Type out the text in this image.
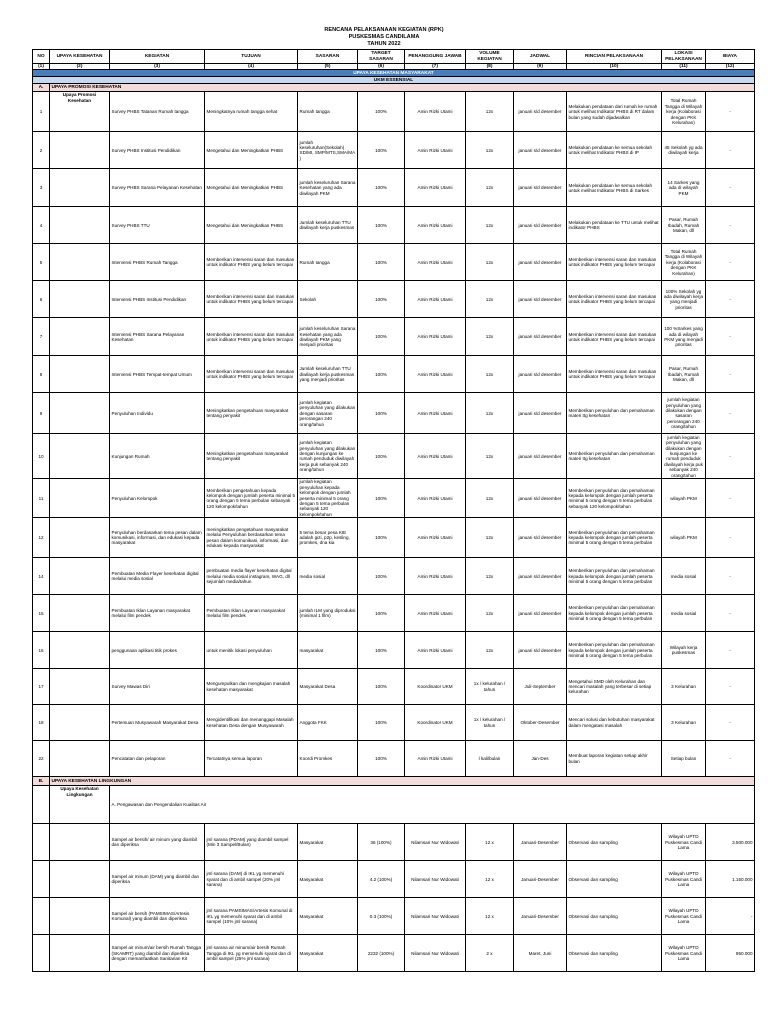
RENCANA PELAKSANAAN KEGIATAN (RPK)
PUSKESMAS CANDILAMA
TAHUN 2022
NO	UPAYA KESEHATAN	KEGIATAN	TUJUAN	SASARAN	TARGET SASARAN	PENANGGUNG JAWAB	VOLUME KEGIATAN	JADWAL	RINCIAN PELAKSANAAN	LOKASI PELAKSANAAN	BIAYA
(1)	(2)	(3)	(4)	(5)	(6)	(7)	(8)	(9)	(10)	(11)	(12)
UPAYA KESEHATAN MASYARAKAT											
UKM ESSENSIAL											
A.	UPAYA PROMOSI KESEHATAN										
1	Upaya Promosi Kesehatan	Survey PHBS Tatanan Rumah tangga	Meningkatnya rumah tangga sehat	Rumah tangga	100%	Amin Rizki Utami	12x	januari s/d desember	Melakukan pendataan dari rumah ke rumah untuk melihat Indikator PHBS di RT dalam bulan yang sudah dijadwalkan	Total Rumah Tangga di Wilayah kerja (Kolaborasi dengan PKK Kelurahan)	-
2		Survey PHBS Institusi Pendidikan	Mengetahui dan Meningkatkan PHBS	jumlah keseluruhan(Sekolah( SD/MI, SMP/MTS,SMA/MA )	100%	Amin Rizki Utami	12x	januari s/d desember	Melakukan pendataan ke semua sekolah untuk melihat Indikator PHBS di IP	45 Sekolah yg ada diwilayah kerja	-
3		Survey PHBS Sarana Pelayanan Kesehatan	Mengetahui dan Meningkatkan PHBS	jumlah keseluruhan Sarana Kesehatan yang ada diwilayah PKM	100%	Amin Rizki Utami	12x	januari s/d desember	Melakukan pendataan ke semua sekolah untuk melihat Indikator PHBS di Sarkes	14 Sarkes yang ada di wilayah PKM	-
4		Survey PHBS TTU	Mengetahui dan Meningkatkan PHBS	Jumlah keseluruhan TTU diwilayah kerja puskesmas	100%	Amin Rizki Utami	12x	januari s/d desember	Melakukan pendataan ke TTU untuk melihat indikator PHBS	Pasar, Rumah Ibadah, Rumah Makan, dll	-
5		Intervensi PHBS Rumah Tangga	Memberikan intervensi saran dan masukan untuk indikator PHBS yang belum tercapai	Rumah tangga	100%	Amin Rizki Utami	12x	januari s/d desember	Memberikan intervensi saran dan masukan untuk indikator PHBS yang belum tercapai	Total Rumah Tangga di Wilayah kerja (Kolaborasi dengan PKK Kelurahan)	-
6		Intervensi PHBS Institusi Pendidikan	Memberikan intervensi saran dan masukan untuk indikator PHBS yang belum tercapai	Sekolah	100%	Amin Rizki Utami	12x	januari s/d desember	Memberikan intervensi saran dan masukan untuk indikator PHBS yang belum tercapai	100% Sekolah yg ada diwilayah kerja yang menjadi prioritas	-
7		Intervensi PHBS Sarana Pelayanan Kesehatan	Memberikan intervensi saran dan masukan untuk indikator PHBS yang belum tercapai	jumlah keseluruhan Sarana Kesehatan yang ada diwilayah PKM yang menjadi prioritas	100%	Amin Rizki Utami	12x	januari s/d desember	Memberikan intervensi saran dan masukan untuk indikator PHBS yang belum tercapai	100 %Sarkes yang ada di wilayah PKM yang menjadi prioritas	-
8		Intervensi PHBS Tempat-tempat Umum	Memberikan intervensi saran dan masukan untuk indikator PHBS yang belum tercapai	Jumlah keseluruhan TTU diwilayah kerja puskesmas yang menjadi prioritas	100%	Amin Rizki Utami	12x	januari s/d desember	Memberikan intervensi saran dan masukan untuk indikator PHBS yang belum tercapai	Pasar, Rumah Ibadah, Rumah Makan, dll	-
9		Penyuluhan Individu	Meningkatkan pengetahuan masyarakat tentang penyakit	jumlah kegiatan penyuluhan yang dilakukan dengan sasaran perorangan 240 orang/tahun	100%	Amin Rizki Utami	12x	januari s/d desember	Memberikan penyuluhan dan pemahaman materi ttg kesehatan	jumlah kegiatan penyuluhan yang dilakukan dengan sasaran perorangan 240 orang/tahun	-
10		Kunjungan Rumah	Meningkatkan pengetahuan masyarakat tentang penyakit	jumlah kegiatan penyuluhan yang dilakukan dengan kunjungan ke rumah penduduk diwilayah kerja puk sebanyak 240 orang/tahun	100%	Amin Rizki Utami	12x	januari s/d desember	Memberikan penyuluhan dan pemahaman materi ttg kesehatan	jumlah kegiatan penyuluhan yang dilakukan dengan kunjungan ke rumah penduduk diwilayah kerja puk sebanyak 240 orang/tahun	-
11		Penyuluhan Kelompok	Memberikan pengetahuan kepada kelompok dengan jumlah peserta minimal 5 orang dengan 5 tema perbulan sebanyak 120 kelompok/tahun	jumlah kegiatan penyuluhan kepada kelompok dengan jumlah peserta minimal 5 orang dengan 5 tema perbulan sebanyak 120 kelompok/tahun	100%	Amin Rizki Utami	12x	januari s/d desember	Memberikan penyuluhan dan pemahaman kepada kelompok dengan jumlah peserta minimal 5 orang dengan 5 tema perbulan sebanyak 120 kelompok/tahun	wilayah PKM	-
12		Penyuluhan berdasarkan tema pesan dalam komunikasi, informasi, dan edukasi kepada masyarakat	meningkatkan pengetahuan masyarakat melalui Penyuluhan berdasarkan tema pesan dalam komunikasi, informasi, dan edukasi kepada masyarakat	5 tema besar pesa KIE adalah gizi, p2p, kesling, promkes, dna kia	100%	Amin Rizki Utami	12x	januari s/d desember	Memberikan penyuluhan dan pemahaman kepada kelompok dengan jumlah peserta minimal 5 orang dengan 5 tema perbulan	wilayah PKM	-
14		Pembuatan Media Flayer kesehatan digital melalui media sosial	pembuatan media flayer kesehatan digital melalui media sosial instagram, WAG, dll sejumlah media/tahun	media sosial	100%	Amin Rizki Utami	12x	januari s/d desember	Memberikan penyuluhan dan pemahaman kepada kelompok dengan jumlah peserta minimal 5 orang dengan 5 tema perbulan	media sosial	-
15		Pembuatan Iklan Layanan masyarakat melalui film pendek	Pembuatan Iklan Layanan masyarakat melalui film pendek	jumlah ILM yang diproduksi (minimal 1 film)	100%	Amin Rizki Utami	12x	januari s/d desember	Memberikan penyuluhan dan pemahaman kepada kelompok dengan jumlah peserta minimal 5 orang dengan 5 tema perbulan	media sosial	-
16		penggunaan aplikasi titik prokes	untuk menitik lokasi penyuluhan	masyarakat	100%	Amin Rizki Utami	12x	januari s/d desember	Memberikan penyuluhan dan pemahaman kepada kelompok dengan jumlah peserta minimal 5 orang dengan 5 tema perbulan	Wilayah kerja puskesmas	-
17		Survey Mawas Diri	Mengumpulkan dan mengkajian masalah kesehatan masyarakat	Masyarakat Desa	100%	Koordinator UKM	1x / kelurahan / tahun	Juli-September	Mengetahui SMD oleh Kelurahan dan mencari masalah yang terbesar di setiap kelurahan	3 Kelurahan	-
18		Pertemuan Musyawarah Masyarakat Desa	Mengidentifikasi dan menanggapi Masalah kesehatan Desa dengan Musyawarah	Anggota FKK	100%	Koordinator UKM	1x / kelurahan / tahun	Oktober-Desember	Mencari solusi dan kebutuhan masyarakat dalam mengatasi masalah	3 Kelurahan	-
22		Pencatatan dan pelaporan	Tercatatnya semua laporan	Koordi Promkes	100%	Amin Rizki Utami	l kali/bulan	Jan-Des	Membuat laporan kegiatan setiap akhir bulan	Setiap bulan	-
B.	UPAYA KESEHATAN LINGKUNGAN										
	Upaya Kesehatan Lingkungan	A. Pengawasan dan Pengendalian Kualitas Air									
		Sampel air bersih/ air minum yang diambil dan diperiksa	jml sarana (PDAM) yang diambil sampel (Min 3 Sampel/Bulan)	Masyarakat	36 (100%)	Nilamsari Nur Widowati	12 x	Januari-Desember	Observasi dan sampling	Wilayah UPTD Puskesmas Candi Lama	3.500.000
		Sampel air minum (DAM) yang diambil dan diperiksa	jml sarana (DAM) di IKL yg memenuhi syarat dan di ambil sampel (20% jml sarana)	Masyarakat	4.2 (100%)	Nilamsari Nur Widowati	12 x	Januari-Desember	Observasi dan sampling	Wilayah UPTD Puskesmas Candi Lama	1.150.000
		Sampel air bersih (PAMSIMAS/Artesis Komunal) yang diambil dan diperiksa	jml sarana PAMSIMAS/Artesis Komunal di IKL yg memenuhi syarat dan di ambil sampel (10% jml sarana)	Masyarakat	0.3 (100%)	Nilamsari Nur Widowati	12 x	Januari-Desember	Observasi dan sampling	Wilayah UPTD Puskesmas Candi Lama	-
		Sampel air minum/air bersih Rumah Tangga (SKAMRT) yang diambil dan diperiksa dengan memanfaatkan Sanitarian Kit	jml sarana air minum/air bersih Rumah Tangga di IKL yg memenuhi syarat dan di ambil sampel (25% jml sarana)	Masyarakat	2232 (100%)	Nilamsari Nur Widowati	2 x	Maret, Juni	Observasi dan sampling	Wilayah UPTD Puskesmas Candi Lama	950.000
